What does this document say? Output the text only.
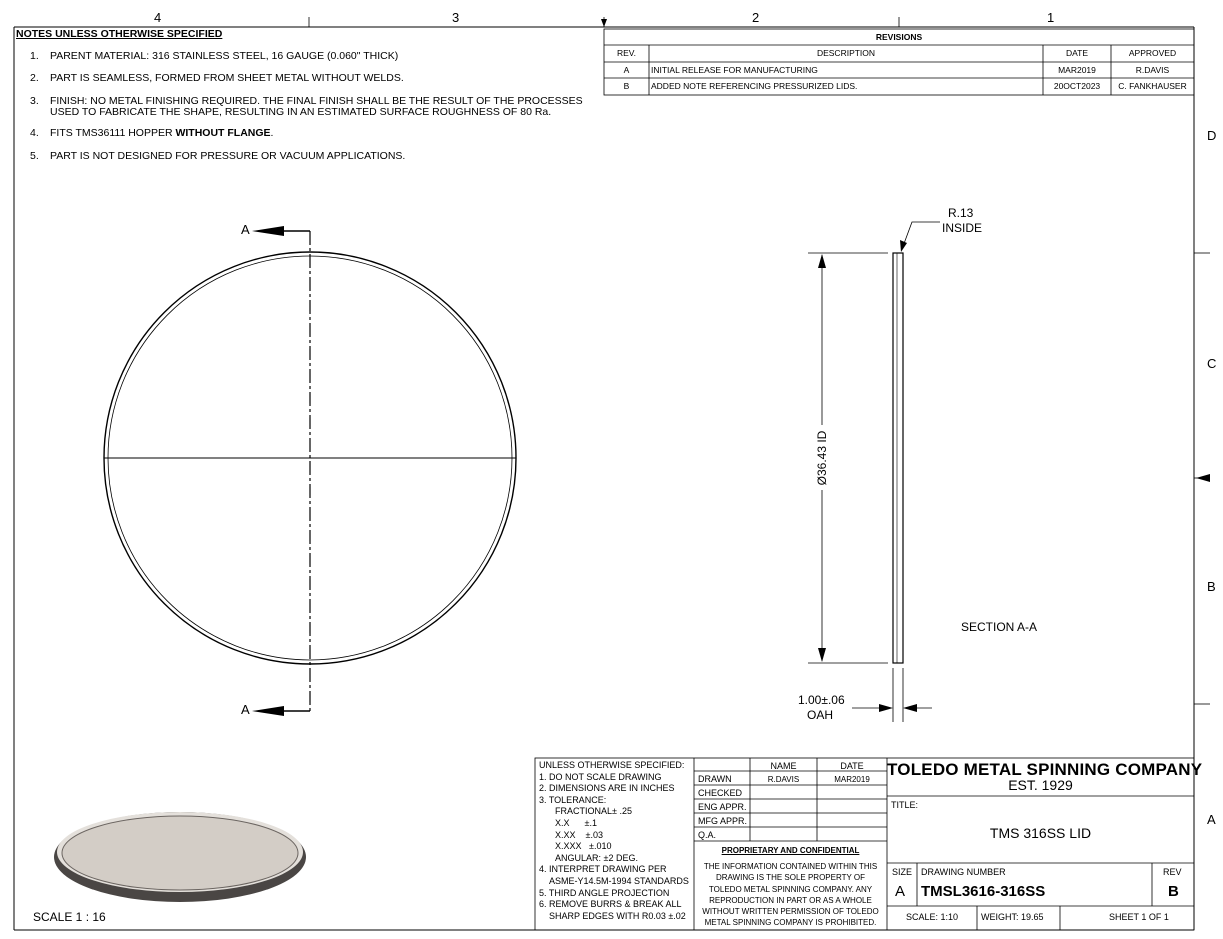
4	3	2	1
D
C
B
A
NOTES UNLESS OTHERWISE SPECIFIED
1. PARENT MATERIAL: 316 STAINLESS STEEL, 16 GAUGE (0.060" THICK)
2. PART IS SEAMLESS, FORMED FROM SHEET METAL WITHOUT WELDS.
3. FINISH: NO METAL FINISHING REQUIRED. THE FINAL FINISH SHALL BE THE RESULT OF THE PROCESSES
USED TO FABRICATE THE SHAPE, RESULTING IN AN ESTIMATED SURFACE ROUGHNESS OF 80 Ra.
4. FITS TMS36111 HOPPER WITHOUT FLANGE.
5. PART IS NOT DESIGNED FOR PRESSURE OR VACUUM APPLICATIONS.
REVISIONS
REV.	DESCRIPTION	DATE	APPROVED
A	INITIAL RELEASE FOR MANUFACTURING	MAR2019	R.DAVIS
B	ADDED NOTE REFERENCING PRESSURIZED LIDS.	20OCT2023	C. FANKHAUSER
A
A
SECTION A-A
R.13
INSIDE
Ø36.43 ID
1.00±.06
OAH
SCALE 1 : 16
UNLESS OTHERWISE SPECIFIED:
1. DO NOT SCALE DRAWING
2. DIMENSIONS ARE IN INCHES
3. TOLERANCE:
FRACTIONAL± .25
X.X      ±.1
X.XX    ±.03
X.XXX   ±.010
ANGULAR: ±2 DEG.
4. INTERPRET DRAWING PER
ASME-Y14.5M-1994 STANDARDS
5. THIRD ANGLE PROJECTION
6. REMOVE BURRS & BREAK ALL
SHARP EDGES WITH R0.03 ±.02
NAME	DATE
DRAWN	R.DAVIS	MAR2019
CHECKED
ENG APPR.
MFG APPR.
Q.A.
PROPRIETARY AND CONFIDENTIAL
THE INFORMATION CONTAINED WITHIN THIS
DRAWING IS THE SOLE PROPERTY OF
TOLEDO METAL SPINNING COMPANY. ANY
REPRODUCTION IN PART OR AS A WHOLE
WITHOUT WRITTEN PERMISSION OF TOLEDO
METAL SPINNING COMPANY IS PROHIBITED.
TOLEDO METAL SPINNING COMPANY
EST. 1929
TITLE:
TMS 316SS LID
SIZE
A
DRAWING NUMBER
TMSL3616-316SS
REV
B
SCALE: 1:10	WEIGHT: 19.65	SHEET 1 OF 1
